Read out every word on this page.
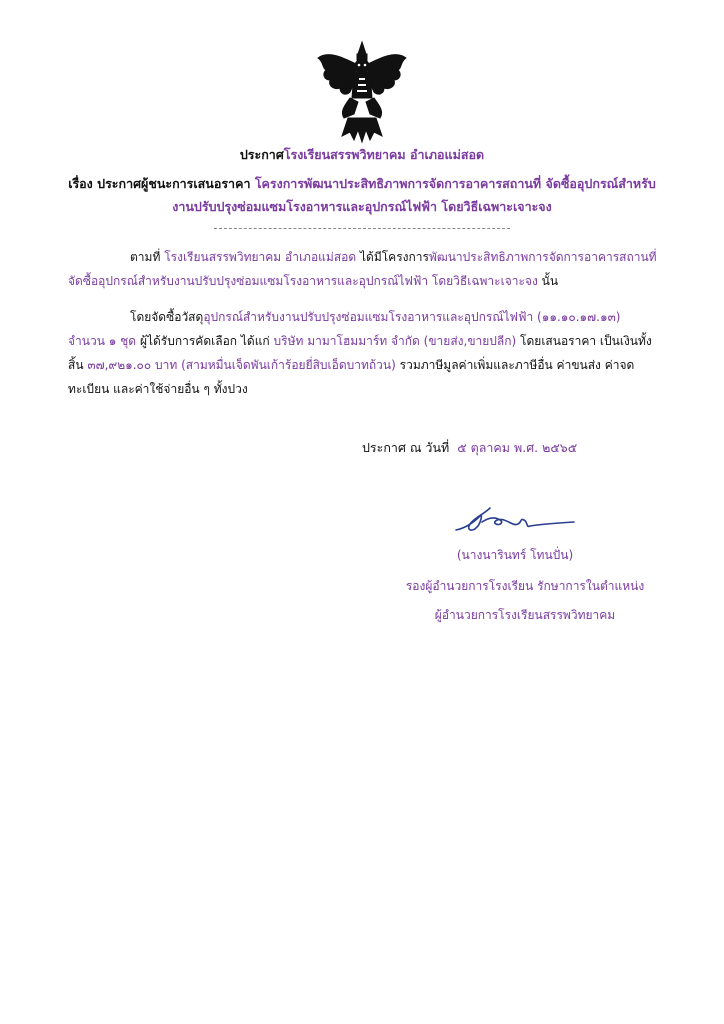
ประกาศโรงเรียนสรรพวิทยาคม อำเภอแม่สอด
เรื่อง ประกาศผู้ชนะการเสนอราคา โครงการพัฒนาประสิทธิภาพการจัดการอาคารสถานที่ จัดซื้ออุปกรณ์สำหรับ
งานปรับปรุงซ่อมแซมโรงอาหารและอุปกรณ์ไฟฟ้า โดยวิธีเฉพาะเจาะจง
ตามที่ โรงเรียนสรรพวิทยาคม อำเภอแม่สอด ได้มีโครงการพัฒนาประสิทธิภาพการจัดการอาคารสถานที่
จัดซื้ออุปกรณ์สำหรับงานปรับปรุงซ่อมแซมโรงอาหารและอุปกรณ์ไฟฟ้า โดยวิธีเฉพาะเจาะจง นั้น
โดยจัดซื้อวัสดุอุปกรณ์สำหรับงานปรับปรุงซ่อมแซมโรงอาหารและอุปกรณ์ไฟฟ้า (๑๑.๑๐.๑๗.๑๓)
จำนวน ๑ ชุด ผู้ได้รับการคัดเลือก ได้แก่ บริษัท มามาโฮมมาร์ท จำกัด (ขายส่ง,ขายปลีก) โดยเสนอราคา เป็นเงินทั้ง
สิ้น ๓๗,๙๒๑.๐๐ บาท (สามหมื่นเจ็ดพันเก้าร้อยยี่สิบเอ็ดบาทถ้วน) รวมภาษีมูลค่าเพิ่มและภาษีอื่น ค่าขนส่ง ค่าจด
ทะเบียน และค่าใช้จ่ายอื่น ๆ ทั้งปวง
ประกาศ ณ วันที่ ๕ ตุลาคม พ.ศ. ๒๕๖๕
(นางนารินทร์ โทนปั่น)
รองผู้อำนวยการโรงเรียน รักษาการในตำแหน่ง
ผู้อำนวยการโรงเรียนสรรพวิทยาคม
